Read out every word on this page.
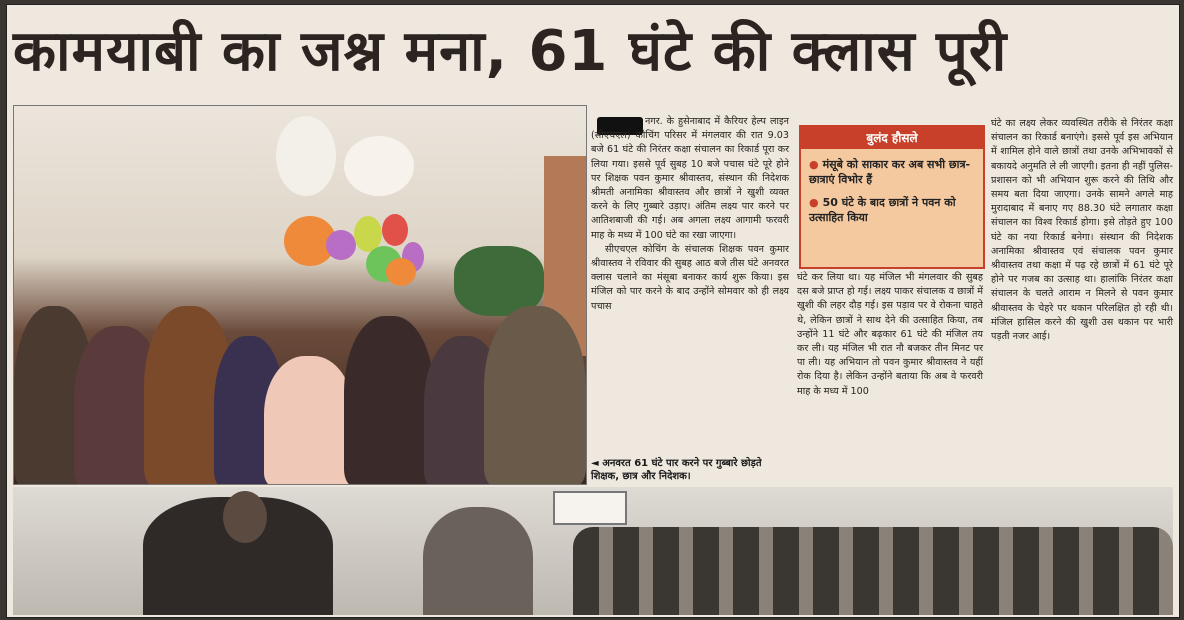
कामयाबी का जश्न मना, 61 घंटे की क्लास पूरी

नगर. के हुसेनाबाद में कैरियर हेल्प लाइन (सीएचएल) कोचिंग परिसर में मंगलवार की रात 9.03 बजे 61 घंटे की निरंतर कक्षा संचालन का रिकार्ड पूरा कर लिया गया। इससे पूर्व सुबह 10 बजे पचास घंटे पूरे होने पर शिक्षक पवन कुमार श्रीवास्तव, संस्थान की निदेशक श्रीमती अनामिका श्रीवास्तव और छात्रों ने खुशी व्यक्त करने के लिए गुब्बारे उड़ाए। अंतिम लक्ष्य पार करने पर आतिशबाजी की गई। अब अगला लक्ष्य आगामी फरवरी माह के मध्य में 100 घंटे का रखा जाएगा।

सीएचएल कोचिंग के संचालक शिक्षक पवन कुमार श्रीवास्तव ने रविवार की सुबह आठ बजे तीस घंटे अनवरत क्लास चलाने का मंसूबा बनाकर कार्य शुरू किया। इस मंजिल को पार करने के बाद उन्होंने सोमवार को ही लक्ष्य पचास

◄ अनवरत 61 घंटे पार करने पर गुब्बारे छोड़ते शिक्षक, छात्र और निदेशक।
बुलंद हौसले
● मंसूबे को साकार कर अब सभी छात्र-छात्राएं विभोर हैं
● 50 घंटे के बाद छात्रों ने पवन को उत्साहित किया

घंटे कर लिया था। यह मंजिल भी मंगलवार की सुबह दस बजे प्राप्त हो गई। लक्ष्य पाकर संचालक व छात्रों में खुशी की लहर दौड़ गई। इस पड़ाव पर वे रोकना चाहते थे, लेकिन छात्रों ने साथ देने की उत्साहित किया, तब उन्होंने 11 घंटे और बढ़कार 61 घंटे की मंजिल तय कर ली। यह मंजिल भी रात नौ बजकर तीन मिनट पर पा ली। यह अभियान तो पवन कुमार श्रीवास्तव ने यहीं रोक दिया है। लेकिन उन्होंने बताया कि अब वे फरवरी माह के मध्य में 100

घंटे का लक्ष्य लेकर व्यवस्थित तरीके से निरंतर कक्षा संचालन का रिकार्ड बनाएंगे। इससे पूर्व इस अभियान में शामिल होने वाले छात्रों तथा उनके अभिभावकों से बकायदे अनुमति ले ली जाएगी। इतना ही नहीं पुलिस-प्रशासन को भी अभियान शुरू करने की तिथि और समय बता दिया जाएगा। उनके सामने अगले माह मुरादाबाद में बनाए गए 88.30 घंटे लगातार कक्षा संचालन का विश्व रिकार्ड होगा। इसे तोड़ते हुए 100 घंटे का नया रिकार्ड बनेगा। संस्थान की निदेशक अनामिका श्रीवास्तव एवं संचालक पवन कुमार श्रीवास्तव तथा कक्षा में पढ़ रहे छात्रों में 61 घंटे पूरे होने पर गजब का उत्साह था। हालांकि निरंतर कक्षा संचालन के चलते आराम न मिलने से पवन कुमार श्रीवास्तव के चेहरे पर थकान परिलक्षित हो रही थी। मंजिल हासिल करने की खुशी उस थकान पर भारी पड़ती नजर आई।
